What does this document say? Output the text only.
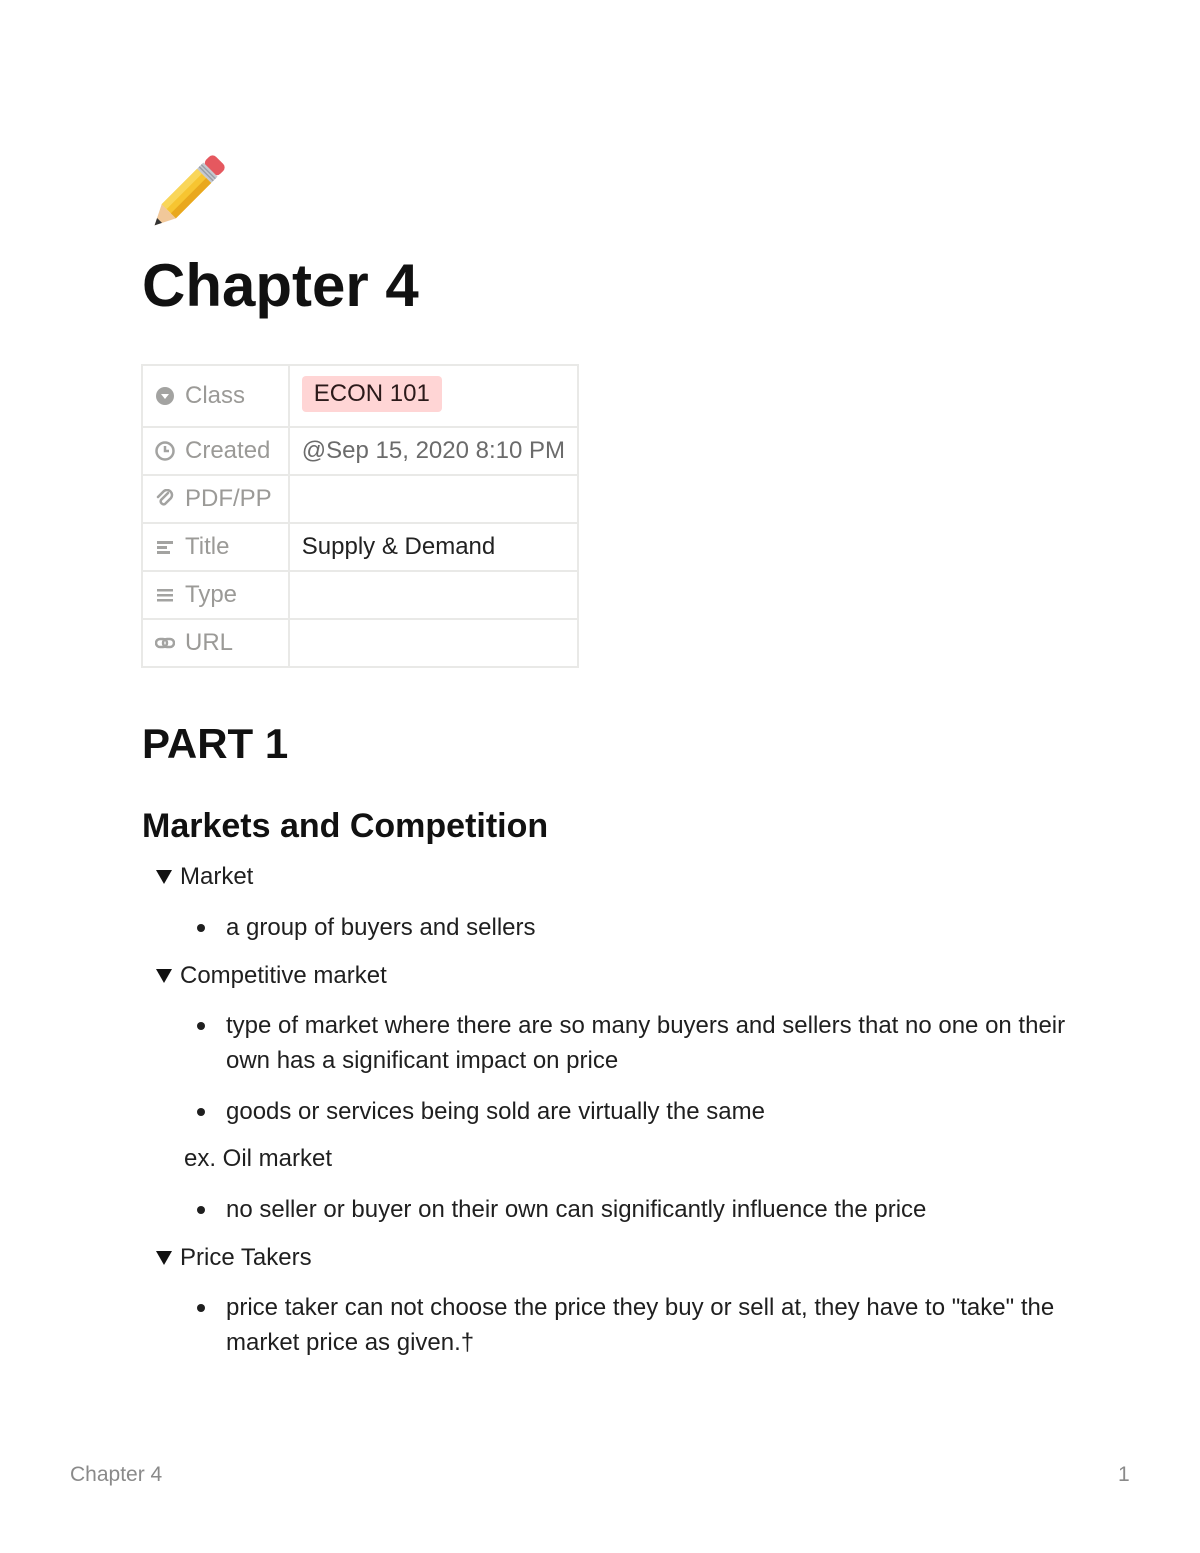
Chapter 4
Class	ECON 101
Created	@Sep 15, 2020 8:10 PM
PDF/PP	
Title	Supply & Demand
Type	
URL	
PART 1
Markets and Competition
Market
a group of buyers and sellers
Competitive market
type of market where there are so many buyers and sellers that no one on their own has a significant impact on price
goods or services being sold are virtually the same
ex. Oil market
no seller or buyer on their own can significantly influence the price
Price Takers
price taker can not choose the price they buy or sell at, they have to "take" the market price as given.†
Chapter 4	1
